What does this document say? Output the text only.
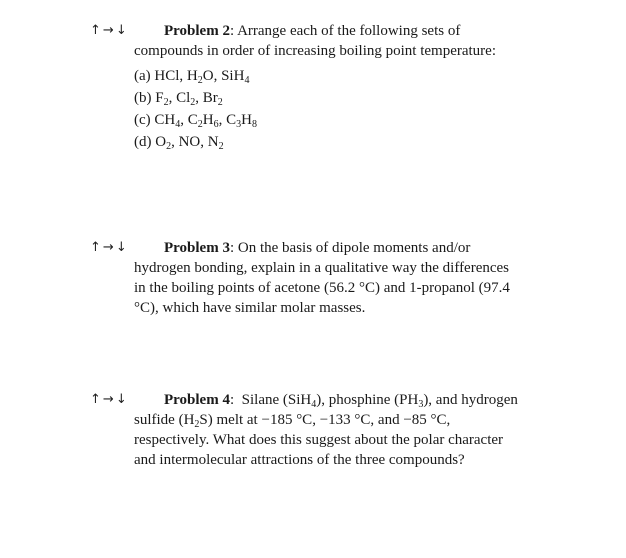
↑→↓	Problem 2: Arrange each of the following sets of compounds in order of increasing boiling point temperature:
(a) HCl, $H_2O$, SiH$_4$
(b) $F_2$, $Cl_2$, $Br_2$
(c) $CH_4$, $C_2H_6$, $C_3H_8$
(d) $O_2$, NO, $N_2$
↑→↓	Problem 3: On the basis of dipole moments and/or hydrogen bonding, explain in a qualitative way the differences in the boiling points of acetone (56.2 °C) and 1-propanol (97.4 °C), which have similar molar masses.
↑→↓	Problem 4:  Silane (SiH$_4$), phosphine $(PH_3)$, and hydrogen sulfide $(H_2S)$ melt at −185 °C, −133 °C, and −85 °C, respectively. What does this suggest about the polar character and intermolecular attractions of the three compounds?
